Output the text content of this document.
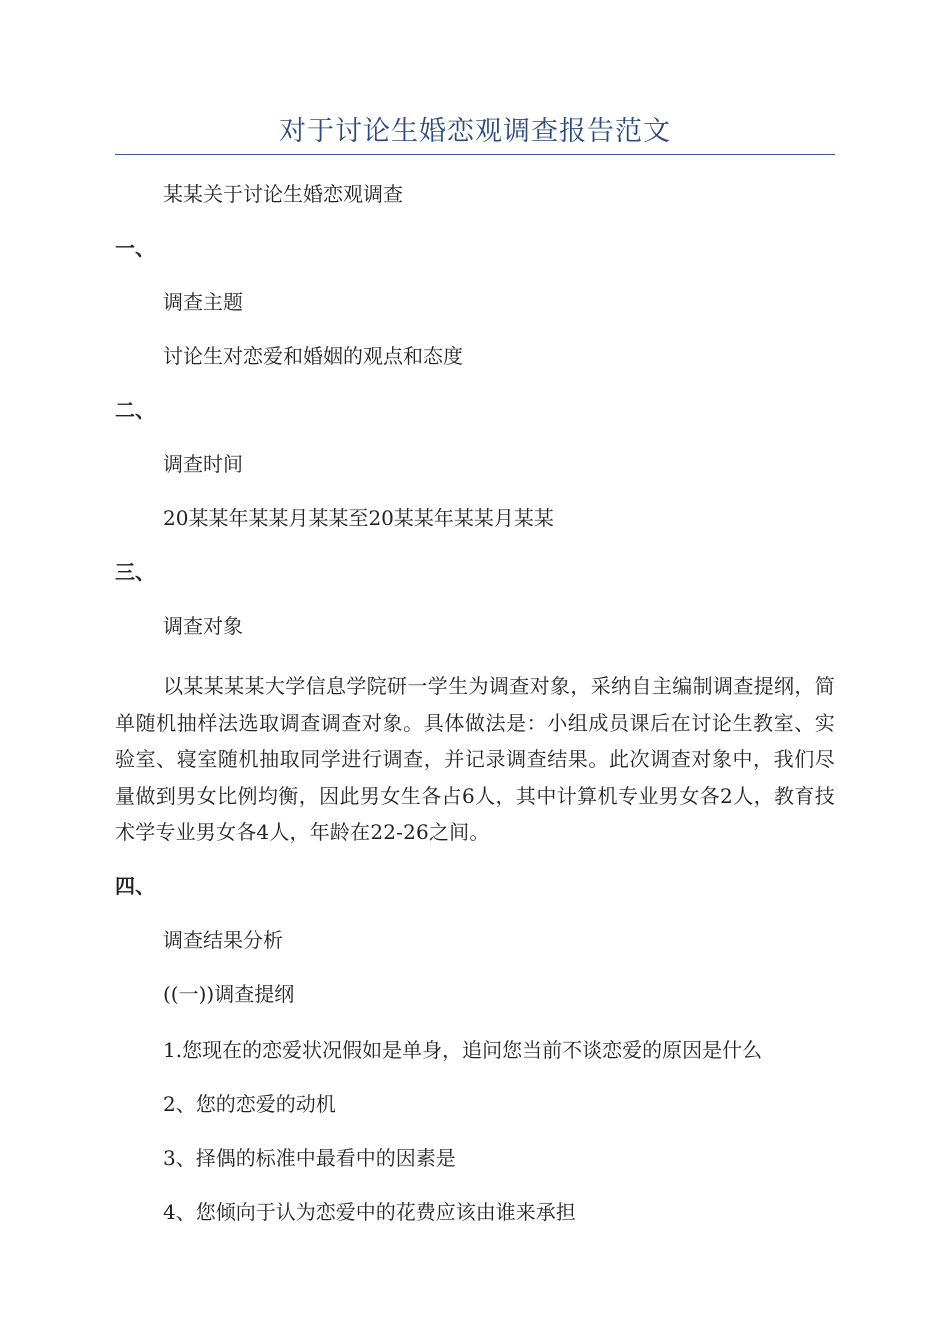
对于讨论生婚恋观调查报告范文
某某关于讨论生婚恋观调查
一、
调查主题
讨论生对恋爱和婚姻的观点和态度
二、
调查时间
20某某年某某月某某至20某某年某某月某某
三、
调查对象
以某某某某大学信息学院研一学生为调查对象，采纳自主编制调查提纲，简单随机抽样法选取调查调查对象。具体做法是：小组成员课后在讨论生教室、实验室、寝室随机抽取同学进行调查，并记录调查结果。此次调查对象中，我们尽量做到男女比例均衡，因此男女生各占6人，其中计算机专业男女各2人，教育技术学专业男女各4人，年龄在22-26之间。
四、
调查结果分析
((一))调查提纲
1.您现在的恋爱状况假如是单身，追问您当前不谈恋爱的原因是什么
2、您的恋爱的动机
3、择偶的标准中最看中的因素是
4、您倾向于认为恋爱中的花费应该由谁来承担
